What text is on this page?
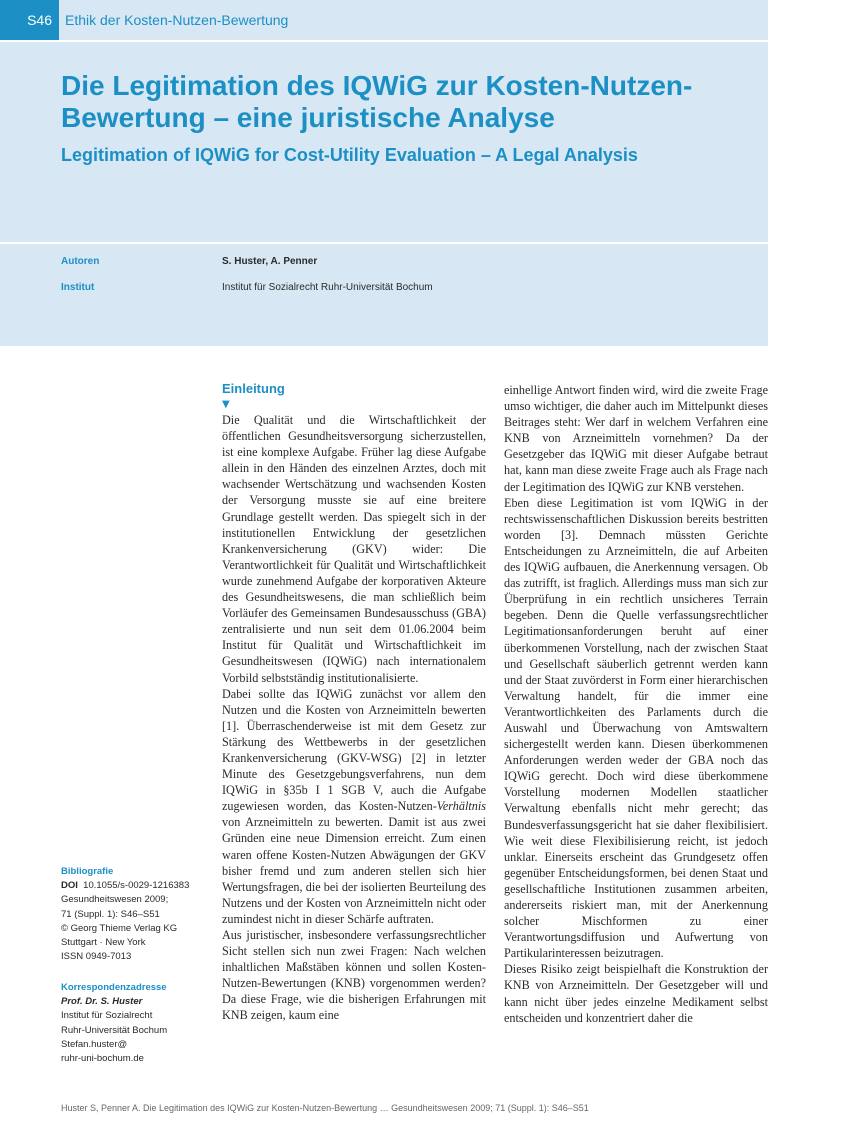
S46 Ethik der Kosten-Nutzen-Bewertung
Die Legitimation des IQWiG zur Kosten-Nutzen-Bewertung – eine juristische Analyse
Legitimation of IQWiG for Cost-Utility Evaluation – A Legal Analysis
Autoren	S. Huster, A. Penner
Institut	Institut für Sozialrecht Ruhr-Universität Bochum
Bibliografie
DOI 10.1055/s-0029-1216383
Gesundheitswesen 2009;
71 (Suppl. 1): S46–S51
© Georg Thieme Verlag KG
Stuttgart · New York
ISSN 0949-7013
Korrespondenzadresse
Prof. Dr. S. Huster
Institut für Sozialrecht
Ruhr-Universität Bochum
Stefan.huster@
ruhr-uni-bochum.de
Einleitung
▼

Die Qualität und die Wirtschaftlichkeit der öffentlichen Gesundheitsversorgung sicherzustellen, ist eine komplexe Aufgabe. Früher lag diese Aufgabe allein in den Händen des einzelnen Arztes, doch mit wachsender Wertschätzung und wachsenden Kosten der Versorgung musste sie auf eine breitere Grundlage gestellt werden. Das spiegelt sich in der institutionellen Entwicklung der gesetzlichen Krankenversicherung (GKV) wider: Die Verantwortlichkeit für Qualität und Wirtschaftlichkeit wurde zunehmend Aufgabe der korporativen Akteure des Gesundheitswesens, die man schließlich beim Vorläufer des Gemeinsamen Bundesausschuss (GBA) zentralisierte und nun seit dem 01.06.2004 beim Institut für Qualität und Wirtschaftlichkeit im Gesundheitswesen (IQWiG) nach internationalem Vorbild selbstständig institutionalisierte.

Dabei sollte das IQWiG zunächst vor allem den Nutzen und die Kosten von Arzneimitteln bewerten [1]. Überraschenderweise ist mit dem Gesetz zur Stärkung des Wettbewerbs in der gesetzlichen Krankenversicherung (GKV-WSG) [2] in letzter Minute des Gesetzgebungsverfahrens, nun dem IQWiG in §35b I 1 SGB V, auch die Aufgabe zugewiesen worden, das Kosten-Nutzen-Verhältnis von Arzneimitteln zu bewerten. Damit ist aus zwei Gründen eine neue Dimension erreicht. Zum einen waren offene Kosten-Nutzen Abwägungen der GKV bisher fremd und zum anderen stellen sich hier Wertungsfragen, die bei der isolierten Beurteilung des Nutzens und der Kosten von Arzneimitteln nicht oder zumindest nicht in dieser Schärfe auftraten.

Aus juristischer, insbesondere verfassungsrechtlicher Sicht stellen sich nun zwei Fragen: Nach welchen inhaltlichen Maßstäben können und sollen Kosten-Nutzen-Bewertungen (KNB) vorgenommen werden? Da diese Frage, wie die bisherigen Erfahrungen mit KNB zeigen, kaum eine

einhellige Antwort finden wird, wird die zweite Frage umso wichtiger, die daher auch im Mittelpunkt dieses Beitrages steht: Wer darf in welchem Verfahren eine KNB von Arzneimitteln vornehmen? Da der Gesetzgeber das IQWiG mit dieser Aufgabe betraut hat, kann man diese zweite Frage auch als Frage nach der Legitimation des IQWiG zur KNB verstehen.

Eben diese Legitimation ist vom IQWiG in der rechtswissenschaftlichen Diskussion bereits bestritten worden [3]. Demnach müssten Gerichte Entscheidungen zu Arzneimitteln, die auf Arbeiten des IQWiG aufbauen, die Anerkennung versagen. Ob das zutrifft, ist fraglich. Allerdings muss man sich zur Überprüfung in ein rechtlich unsicheres Terrain begeben. Denn die Quelle verfassungsrechtlicher Legitimationsanforderungen beruht auf einer überkommenen Vorstellung, nach der zwischen Staat und Gesellschaft säuberlich getrennt werden kann und der Staat zuvörderst in Form einer hierarchischen Verwaltung handelt, für die immer eine Verantwortlichkeiten des Parlaments durch die Auswahl und Überwachung von Amtswaltern sichergestellt werden kann. Diesen überkommenen Anforderungen werden weder der GBA noch das IQWiG gerecht. Doch wird diese überkommene Vorstellung modernen Modellen staatlicher Verwaltung ebenfalls nicht mehr gerecht; das Bundesverfassungsgericht hat sie daher flexibilisiert. Wie weit diese Flexibilisierung reicht, ist jedoch unklar. Einerseits erscheint das Grundgesetz offen gegenüber Entscheidungsformen, bei denen Staat und gesellschaftliche Institutionen zusammen arbeiten, andererseits riskiert man, mit der Anerkennung solcher Mischformen zu einer Verantwortungsdiffusion und Aufwertung von Partikularinteressen beizutragen.

Dieses Risiko zeigt beispielhaft die Konstruktion der KNB von Arzneimitteln. Der Gesetzgeber will und kann nicht über jedes einzelne Medikament selbst entscheiden und konzentriert daher die

Huster S, Penner A. Die Legitimation des IQWiG zur Kosten-Nutzen-Bewertung … Gesundheitswesen 2009; 71 (Suppl. 1): S46–S51
